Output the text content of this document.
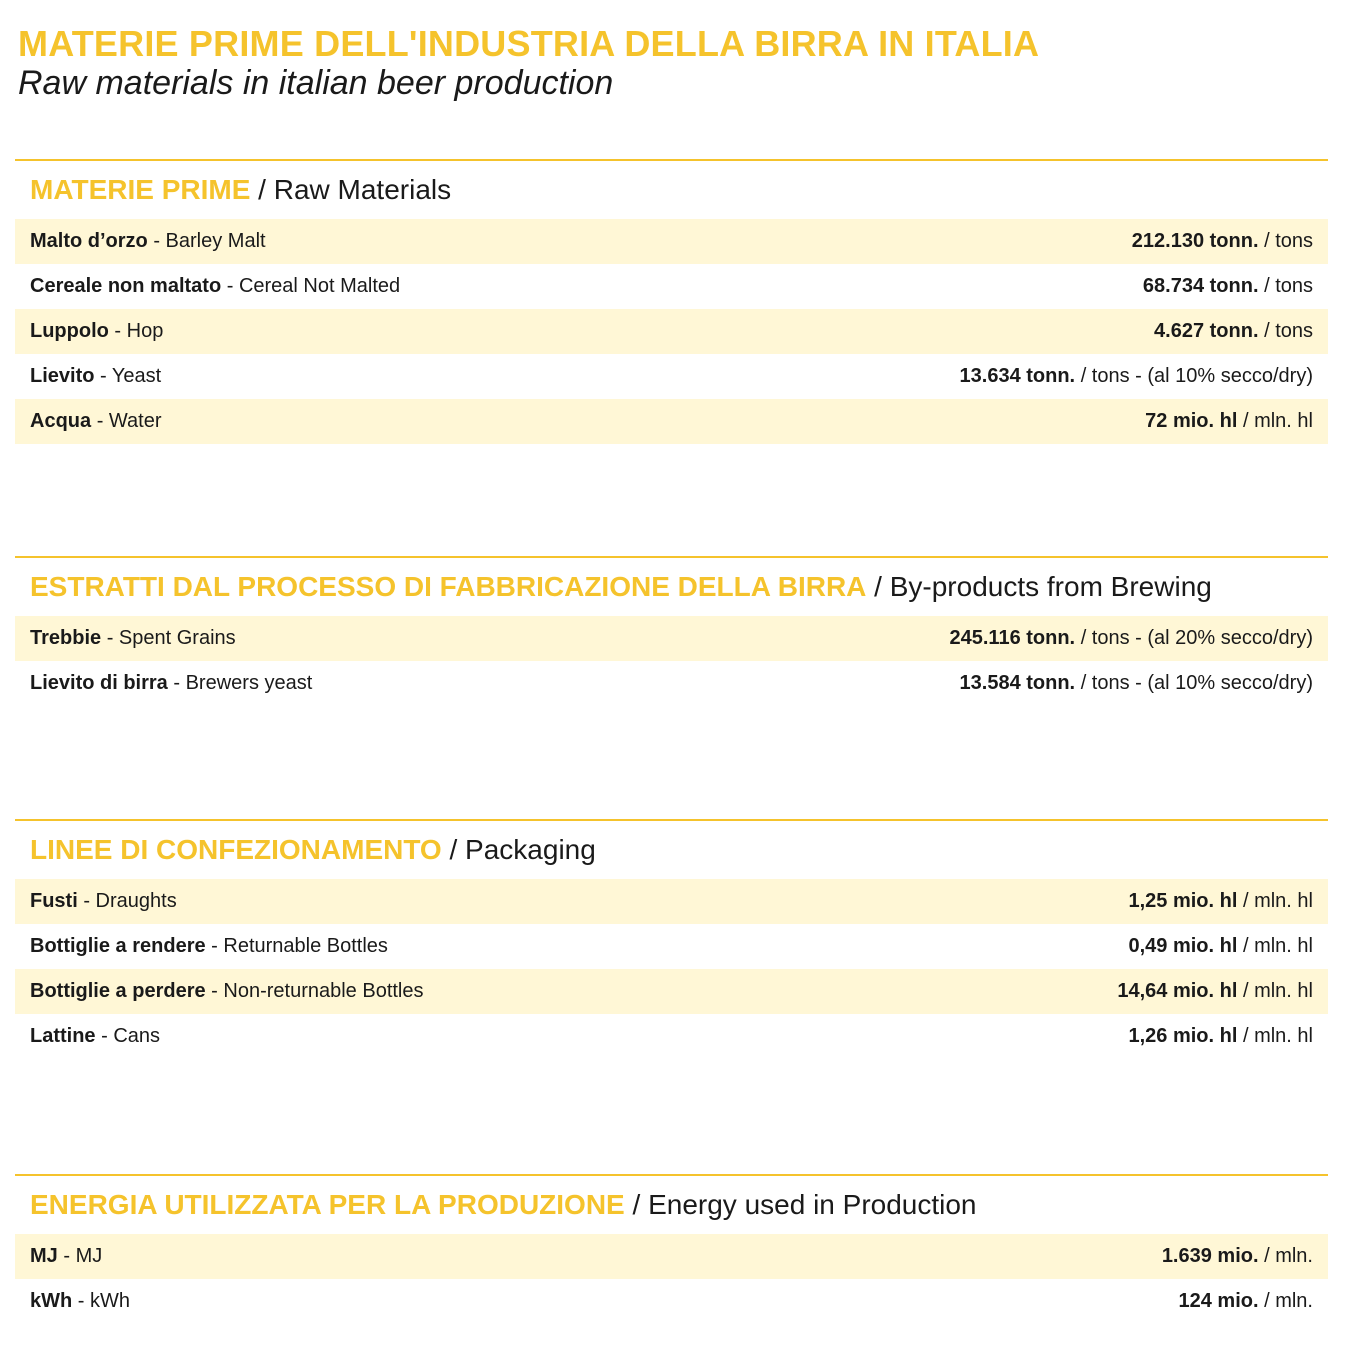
MATERIE PRIME DELL'INDUSTRIA DELLA BIRRA IN ITALIA
Raw materials in italian beer production
MATERIE PRIME
/ Raw Materials
Malto d’orzo - Barley Malt	212.130 tonn. / tons
Cereale non maltato - Cereal Not Malted	68.734 tonn. / tons
Luppolo - Hop	4.627 tonn. / tons
Lievito - Yeast	13.634 tonn. / tons - (al 10% secco/dry)
Acqua - Water	72 mio. hl / mln. hl
ESTRATTI DAL PROCESSO DI FABBRICAZIONE DELLA BIRRA
/ By-products from Brewing
Trebbie - Spent Grains	245.116 tonn. / tons - (al 20% secco/dry)
Lievito di birra - Brewers yeast	13.584 tonn. / tons - (al 10% secco/dry)
LINEE DI CONFEZIONAMENTO
/ Packaging
Fusti - Draughts	1,25 mio. hl / mln. hl
Bottiglie a rendere - Returnable Bottles	0,49 mio. hl / mln. hl
Bottiglie a perdere - Non-returnable Bottles	14,64 mio. hl / mln. hl
Lattine - Cans	1,26 mio. hl / mln. hl
ENERGIA UTILIZZATA PER LA PRODUZIONE
/ Energy used in Production
MJ - MJ	1.639 mio. / mln.
kWh - kWh	124 mio. / mln.
